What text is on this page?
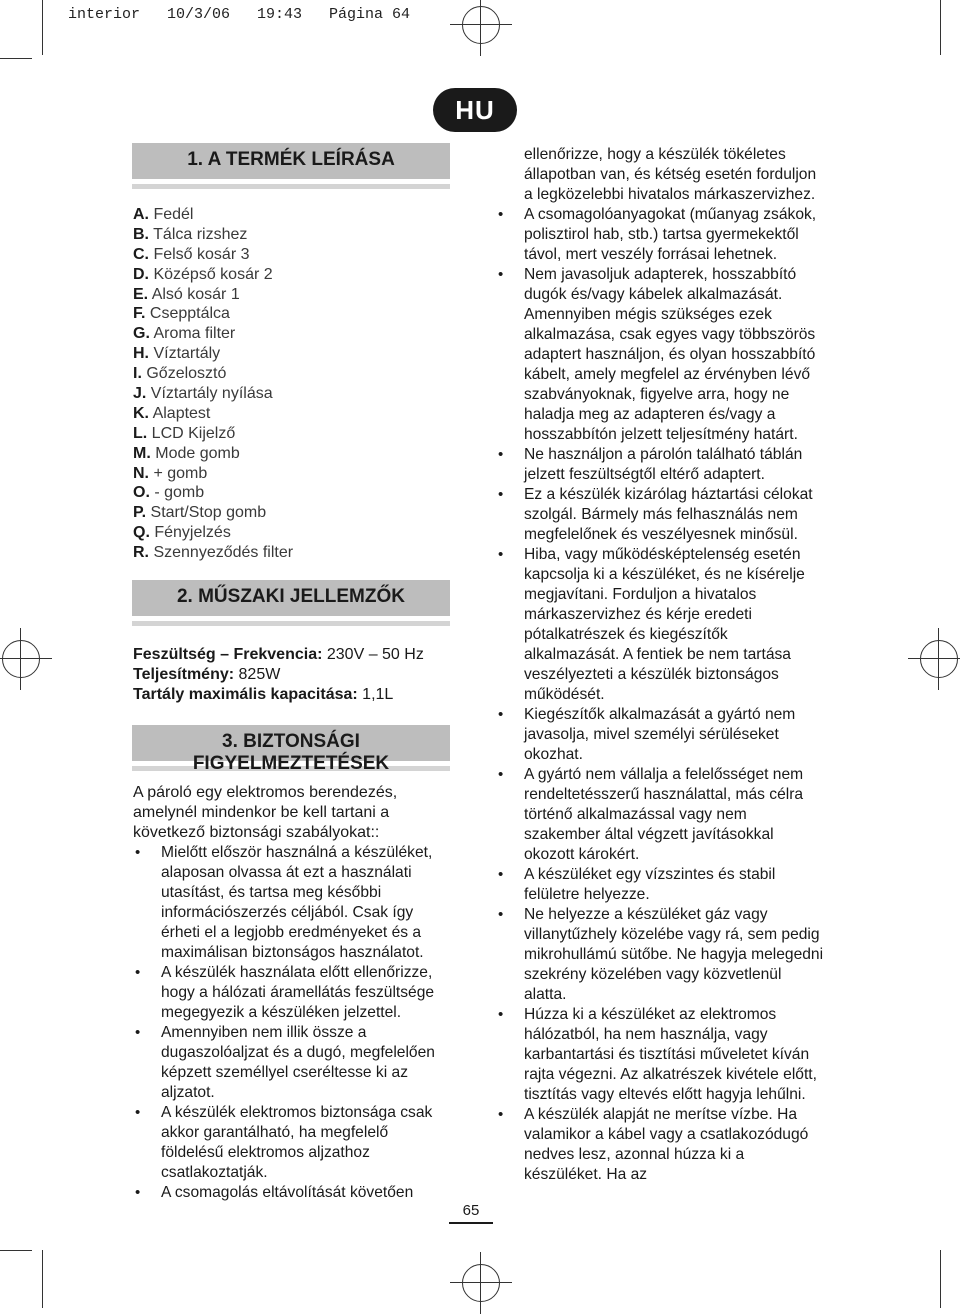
interior   10/3/06   19:43   Página 64
HU
1. A TERMÉK LEÍRÁSA
A. Fedél
B. Tálca rizshez
C. Felső kosár 3
D. Középső kosár 2
E. Alsó kosár 1
F. Csepptálca
G. Aroma filter
H. Víztartály
I. Gőzelosztó
J. Víztartály nyílása
K. Alaptest
L. LCD Kijelző
M. Mode gomb
N. + gomb
O. - gomb
P. Start/Stop gomb
Q. Fényjelzés
R. Szennyeződés filter
2. MŰSZAKI JELLEMZŐK
Feszültség – Frekvencia: 230V – 50 Hz
Teljesítmény: 825W
Tartály maximális kapacitása: 1,1L
3. BIZTONSÁGI FIGYELMEZTETÉSEK

A pároló egy elektromos berendezés, amelynél mindenkor be kell tartani a következő biztonsági szabályokat::

• Mielőtt először használná a készüléket, alaposan olvassa át ezt a használati utasítást, és tartsa meg későbbi információszerzés céljából. Csak így érheti el a legjobb eredményeket és a maximálisan biztonságos használatot.
• A készülék használata előtt ellenőrizze, hogy a hálózati áramellátás feszültsége megegyezik a készüléken jelzettel.
• Amennyiben nem illik össze a dugaszolóaljzat és a dugó, megfelelően képzett személlyel cseréltesse ki az aljzatot.
• A készülék elektromos biztonsága csak akkor garantálható, ha megfelelő földelésű elektromos aljzathoz csatlakoztatják.
• A csomagolás eltávolítását követően

ellenőrizze, hogy a készülék tökéletes állapotban van, és kétség esetén forduljon a legközelebbi hivatalos márkaszervizhez.

• A csomagolóanyagokat (műanyag zsákok, polisztirol hab, stb.) tartsa gyermekektől távol, mert veszély forrásai lehetnek.
• Nem javasoljuk adapterek, hosszabbító dugók és/vagy kábelek alkalmazását. Amennyiben mégis szükséges ezek alkalmazása, csak egyes vagy többszörös adaptert használjon, és olyan hosszabbító kábelt, amely megfelel az érvényben lévő szabványoknak, figyelve arra, hogy ne haladja meg az adapteren és/vagy a hosszabbítón jelzett teljesítmény határt.
• Ne használjon a párolón található táblán jelzett feszültségtől eltérő adaptert.
• Ez a készülék kizárólag háztartási célokat szolgál. Bármely más felhasználás nem megfelelőnek és veszélyesnek minősül.
• Hiba, vagy működésképtelenség esetén kapcsolja ki a készüléket, és ne kísérelje megjavítani. Forduljon a hivatalos márkaszervizhez és kérje eredeti pótalkatrészek és kiegészítők alkalmazását. A fentiek be nem tartása veszélyezteti a készülék biztonságos működését.
• Kiegészítők alkalmazását a gyártó nem javasolja, mivel személyi sérüléseket okozhat.
• A gyártó nem vállalja a felelősséget nem rendeltetésszerű használattal, más célra történő alkalmazással vagy nem szakember által végzett javításokkal okozott károkért.
• A készüléket egy vízszintes és stabil felületre helyezze.
• Ne helyezze a készüléket gáz vagy villanytűzhely közelébe vagy rá, sem pedig mikrohullámú sütőbe. Ne hagyja melegedni szekrény közelében vagy közvetlenül alatta.
• Húzza ki a készüléket az elektromos hálózatból, ha nem használja, vagy karbantartási és tisztítási műveletet kíván rajta végezni. Az alkatrészek kivétele előtt, tisztítás vagy eltevés előtt hagyja lehűlni.
• A készülék alapját ne merítse vízbe. Ha valamikor a kábel vagy a csatlakozódugó nedves lesz, azonnal húzza ki a készüléket. Ha az
65
